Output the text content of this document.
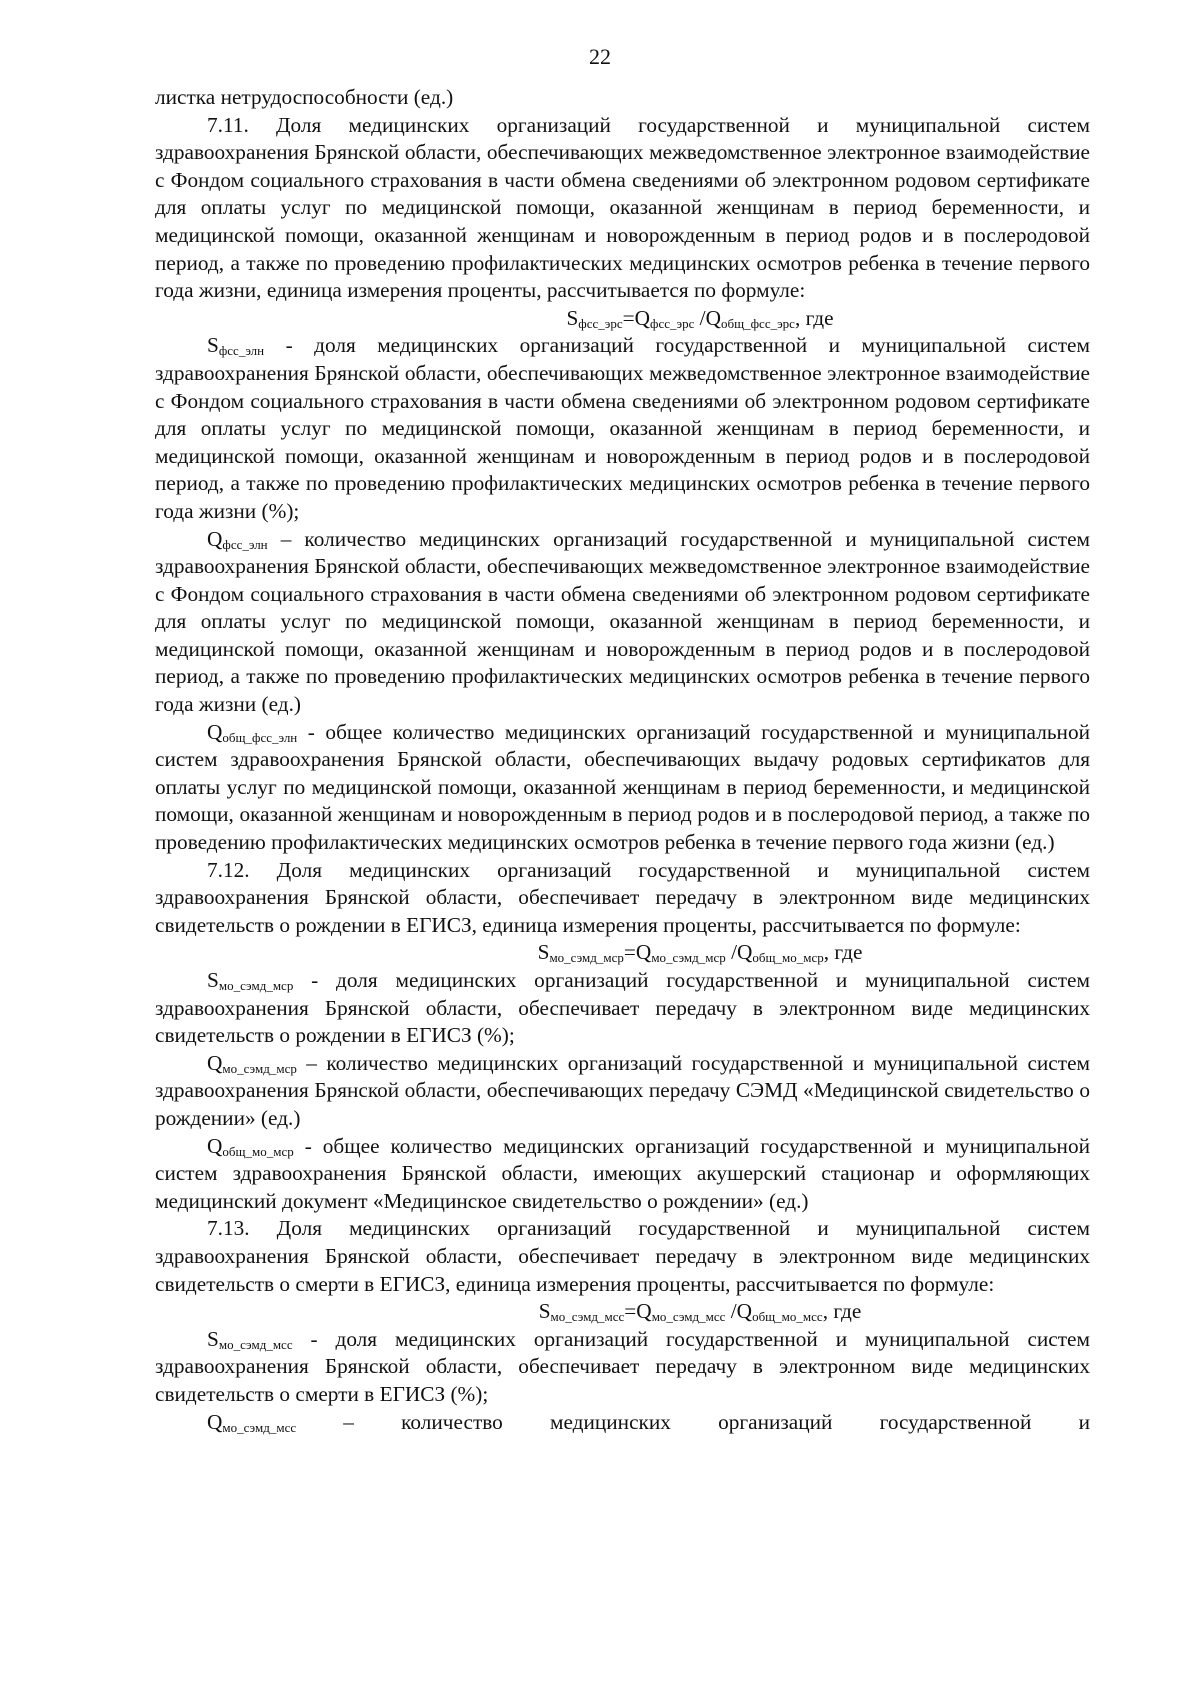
22

листка нетрудоспособности (ед.)

7.11. Доля медицинских организаций государственной и муниципальной систем здравоохранения Брянской области, обеспечивающих межведомственное электронное взаимодействие с Фондом социального страхования в части обмена сведениями об электронном родовом сертификате для оплаты услуг по медицинской помощи, оказанной женщинам в период беременности, и медицинской помощи, оказанной женщинам и новорожденным в период родов и в послеродовой период, а также по проведению профилактических медицинских осмотров ребенка в течение первого года жизни, единица измерения проценты, рассчитывается по формуле:

$S_{фсс\_эрс}=Q_{фсс\_эрс}$ $/Q_{общ\_фсс\_эрс}$, где

$S_{фсс\_элн}$ - доля медицинских организаций государственной и муниципальной систем здравоохранения Брянской области, обеспечивающих межведомственное электронное взаимодействие с Фондом социального страхования в части обмена сведениями об электронном родовом сертификате для оплаты услуг по медицинской помощи, оказанной женщинам в период беременности, и медицинской помощи, оказанной женщинам и новорожденным в период родов и в послеродовой период, а также по проведению профилактических медицинских осмотров ребенка в течение первого года жизни (%);

$Q_{фсс\_элн}$ – количество медицинских организаций государственной и муниципальной систем здравоохранения Брянской области, обеспечивающих межведомственное электронное взаимодействие с Фондом социального страхования в части обмена сведениями об электронном родовом сертификате для оплаты услуг по медицинской помощи, оказанной женщинам в период беременности, и медицинской помощи, оказанной женщинам и новорожденным в период родов и в послеродовой период, а также по проведению профилактических медицинских осмотров ребенка в течение первого года жизни (ед.)

$Q_{общ\_фсс\_элн}$ - общее количество медицинских организаций государственной и муниципальной систем здравоохранения Брянской области, обеспечивающих выдачу родовых сертификатов для оплаты услуг по медицинской помощи, оказанной женщинам в период беременности, и медицинской помощи, оказанной женщинам и новорожденным в период родов и в послеродовой период, а также по проведению профилактических медицинских осмотров ребенка в течение первого года жизни (ед.)

7.12. Доля медицинских организаций государственной и муниципальной систем здравоохранения Брянской области, обеспечивает передачу в электронном виде медицинских свидетельств о рождении в ЕГИСЗ, единица измерения проценты, рассчитывается по формуле:

$S_{мо\_сэмд\_мср}=Q_{мо\_сэмд\_мср}$ $/Q_{общ\_мо\_мср}$, где

$S_{мо\_сэмд\_мср}$ - доля медицинских организаций государственной и муниципальной систем здравоохранения Брянской области, обеспечивает передачу в электронном виде медицинских свидетельств о рождении в ЕГИСЗ (%);

$Q_{мо\_сэмд\_мср}$ – количество медицинских организаций государственной и муниципальной систем здравоохранения Брянской области, обеспечивающих передачу СЭМД «Медицинской свидетельство о рождении» (ед.)

$Q_{общ\_мо\_мср}$ - общее количество медицинских организаций государственной и муниципальной систем здравоохранения Брянской области, имеющих акушерский стационар и оформляющих медицинский документ «Медицинское свидетельство о рождении» (ед.)

7.13. Доля медицинских организаций государственной и муниципальной систем здравоохранения Брянской области, обеспечивает передачу в электронном виде медицинских свидетельств о смерти в ЕГИСЗ, единица измерения проценты, рассчитывается по формуле:

$S_{мо\_сэмд\_мсс}=Q_{мо\_сэмд\_мсс}$ $/Q_{общ\_мо\_мсс}$, где

$S_{мо\_сэмд\_мсс}$ - доля медицинских организаций государственной и муниципальной систем здравоохранения Брянской области, обеспечивает передачу в электронном виде медицинских свидетельств о смерти в ЕГИСЗ (%);

$Q_{мо\_сэмд\_мсс}$ – количество медицинских организаций государственной и
